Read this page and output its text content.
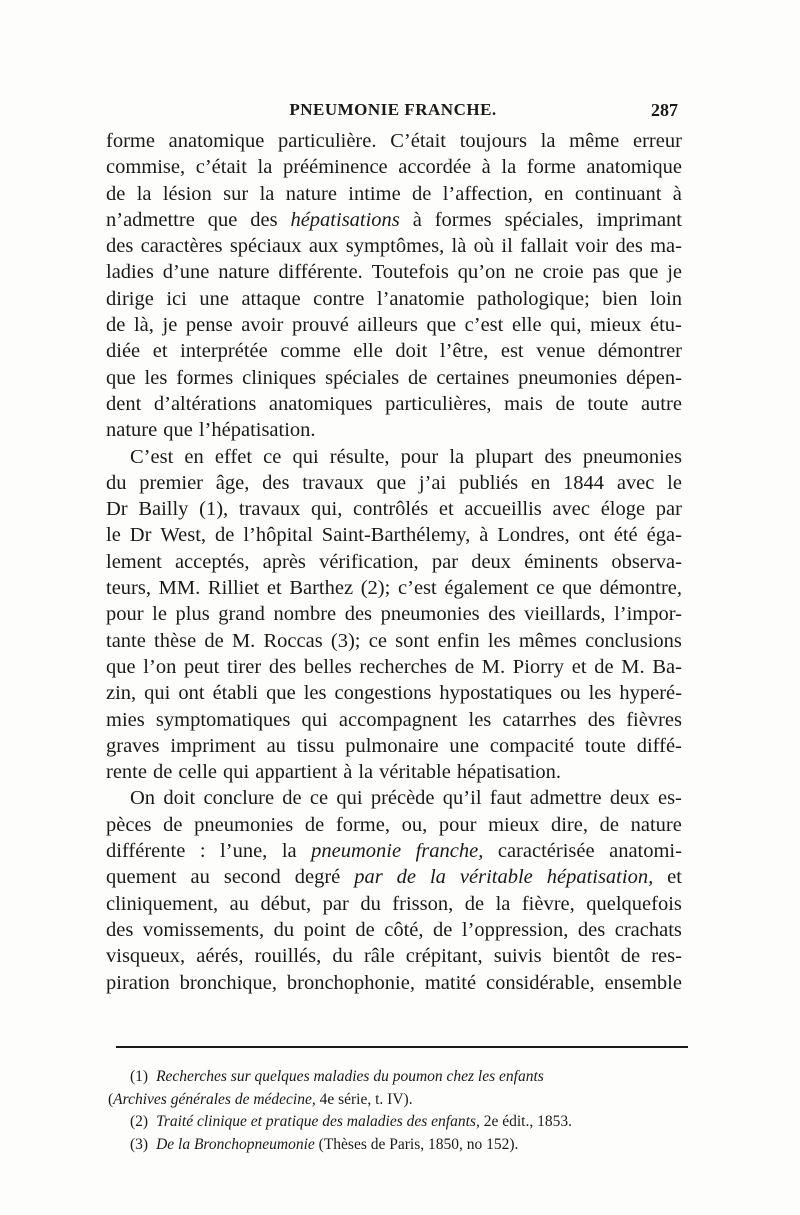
PNEUMONIE FRANCHE.	287
forme anatomique particulière. C’était toujours la même erreur
commise, c’était la prééminence accordée à la forme anatomique
de la lésion sur la nature intime de l’affection, en continuant à
n’admettre que des hépatisations à formes spéciales, imprimant
des caractères spéciaux aux symptômes, là où il fallait voir des ma-
ladies d’une nature différente. Toutefois qu’on ne croie pas que je
dirige ici une attaque contre l’anatomie pathologique; bien loin
de là, je pense avoir prouvé ailleurs que c’est elle qui, mieux étu-
diée et interprétée comme elle doit l’être, est venue démontrer
que les formes cliniques spéciales de certaines pneumonies dépen-
dent d’altérations anatomiques particulières, mais de toute autre
nature que l’hépatisation.
C’est en effet ce qui résulte, pour la plupart des pneumonies
du premier âge, des travaux que j’ai publiés en 1844 avec le
Dr Bailly (1), travaux qui, contrôlés et accueillis avec éloge par
le Dr West, de l’hôpital Saint-Barthélemy, à Londres, ont été éga-
lement acceptés, après vérification, par deux éminents observa-
teurs, MM. Rilliet et Barthez (2); c’est également ce que démontre,
pour le plus grand nombre des pneumonies des vieillards, l’impor-
tante thèse de M. Roccas (3); ce sont enfin les mêmes conclusions
que l’on peut tirer des belles recherches de M. Piorry et de M. Ba-
zin, qui ont établi que les congestions hypostatiques ou les hyperé-
mies symptomatiques qui accompagnent les catarrhes des fièvres
graves impriment au tissu pulmonaire une compacité toute diffé-
rente de celle qui appartient à la véritable hépatisation.
On doit conclure de ce qui précède qu’il faut admettre deux es-
pèces de pneumonies de forme, ou, pour mieux dire, de nature
différente : l’une, la pneumonie franche, caractérisée anatomi-
quement au second degré par de la véritable hépatisation, et
cliniquement, au début, par du frisson, de la fièvre, quelquefois
des vomissements, du point de côté, de l’oppression, des crachats
visqueux, aérés, rouillés, du râle crépitant, suivis bientôt de res-
piration bronchique, bronchophonie, matité considérable, ensemble
(1) Recherches sur quelques maladies du poumon chez les enfants
(Archives générales de médecine, 4e série, t. IV).
(2) Traité clinique et pratique des maladies des enfants, 2e édit., 1853.
(3) De la Bronchopneumonie (Thèses de Paris, 1850, no 152).
